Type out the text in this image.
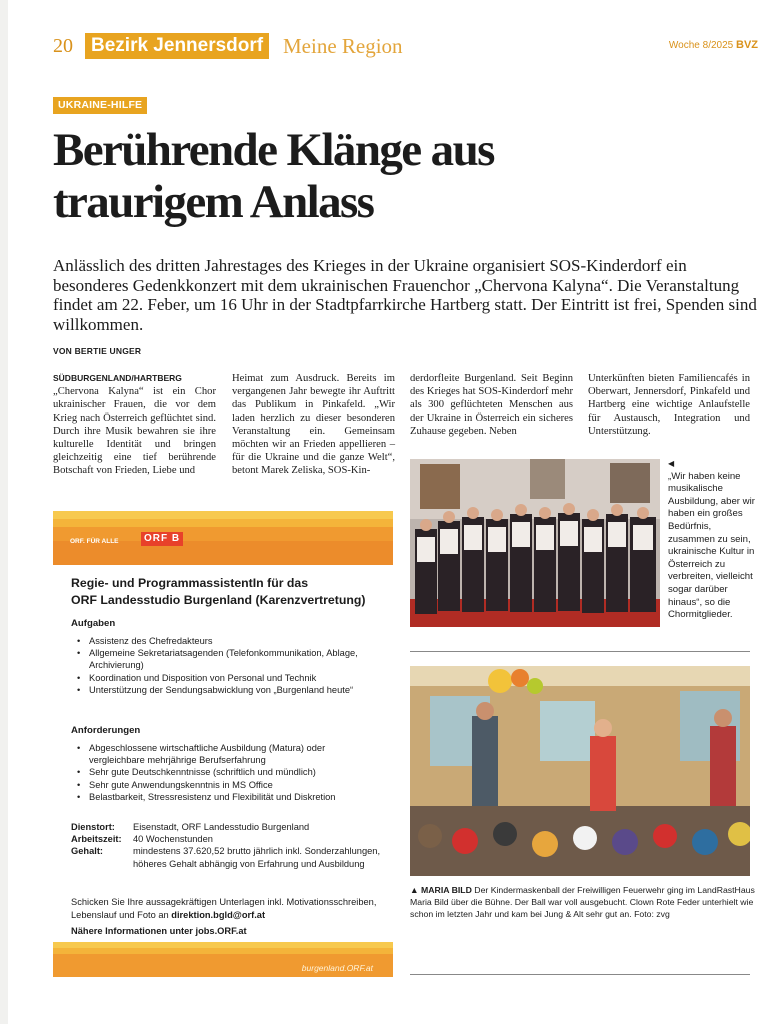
20 Bezirk Jennersdorf Meine Region	Woche 8/2025 BVZ
UKRAINE-HILFE
Berührende Klänge aus traurigem Anlass

Anlässlich des dritten Jahrestages des Krieges in der Ukraine organisiert SOS-Kinderdorf ein besonderes Gedenkkonzert mit dem ukrainischen Frauenchor „Chervona Kalyna“. Die Veranstaltung findet am 22. Feber, um 16 Uhr in der Stadtpfarrkirche Hartberg statt. Der Eintritt ist frei, Spenden sind willkommen.

VON BERTIE UNGER
SÜDBURGENLAND/HARTBERG
„Chervona Kalyna“ ist ein Chor ukrainischer Frauen, die vor dem Krieg nach Österreich geflüchtet sind. Durch ihre Musik bewahren sie ihre kulturelle Identität und bringen gleichzeitig eine tief berührende Botschaft von Frieden, Liebe und
Heimat zum Ausdruck. Bereits im vergangenen Jahr bewegte ihr Auftritt das Publikum in Pinkafeld. „Wir laden herzlich zu dieser besonderen Veranstaltung ein. Gemeinsam möchten wir an Frieden appellieren – für die Ukraine und die ganze Welt“, betont Marek Zeliska, SOS-Kin-
derdorfleite Burgenland. Seit Beginn des Krieges hat SOS-Kinderdorf mehr als 300 geflüchteten Menschen aus der Ukraine in Österreich ein sicheres Zuhause gegeben. Neben
Unterkünften bieten Familiencafés in Oberwart, Jennersdorf, Pinkafeld und Hartberg eine wichtige Anlaufstelle für Austausch, Integration und Unterstützung.
◀
„Wir haben keine musikalische Ausbildung, aber wir haben ein großes Bedürfnis, zusammen zu sein, ukrainische Kultur in Österreich zu verbreiten, vielleicht sogar darüber hinaus“, so die Chormitglieder.
▲ MARIA BILD Der Kindermaskenball der Freiwilligen Feuerwehr ging im LandRastHaus Maria Bild über die Bühne. Der Ball war voll ausgebucht. Clown Rote Feder unterhielt wie schon im letzten Jahr und kam bei Jung & Alt sehr gut an. Foto: zvg
ORF. FÜR ALLE	ORF B
Regie- und ProgrammassistentIn für das
ORF Landesstudio Burgenland (Karenzvertretung)
Aufgaben
• Assistenz des Chefredakteurs
• Allgemeine Sekretariatsagenden (Telefonkommunikation, Ablage, Archivierung)
• Koordination und Disposition von Personal und Technik
• Unterstützung der Sendungsabwicklung von „Burgenland heute“
Anforderungen
• Abgeschlossene wirtschaftliche Ausbildung (Matura) oder vergleichbare mehrjährige Berufserfahrung
• Sehr gute Deutschkenntnisse (schriftlich und mündlich)
• Sehr gute Anwendungskenntnis in MS Office
• Belastbarkeit, Stressresistenz und Flexibilität und Diskretion
Dienstort:	Eisenstadt, ORF Landesstudio Burgenland
Arbeitszeit:	40 Wochenstunden
Gehalt:	mindestens 37.620,52 brutto jährlich inkl. Sonderzahlungen, höheres Gehalt abhängig von Erfahrung und Ausbildung
Schicken Sie Ihre aussagekräftigen Unterlagen inkl. Motivationsschreiben, Lebenslauf und Foto an direktion.bgld@orf.at
Nähere Informationen unter jobs.ORF.at
burgenland.ORF.at
